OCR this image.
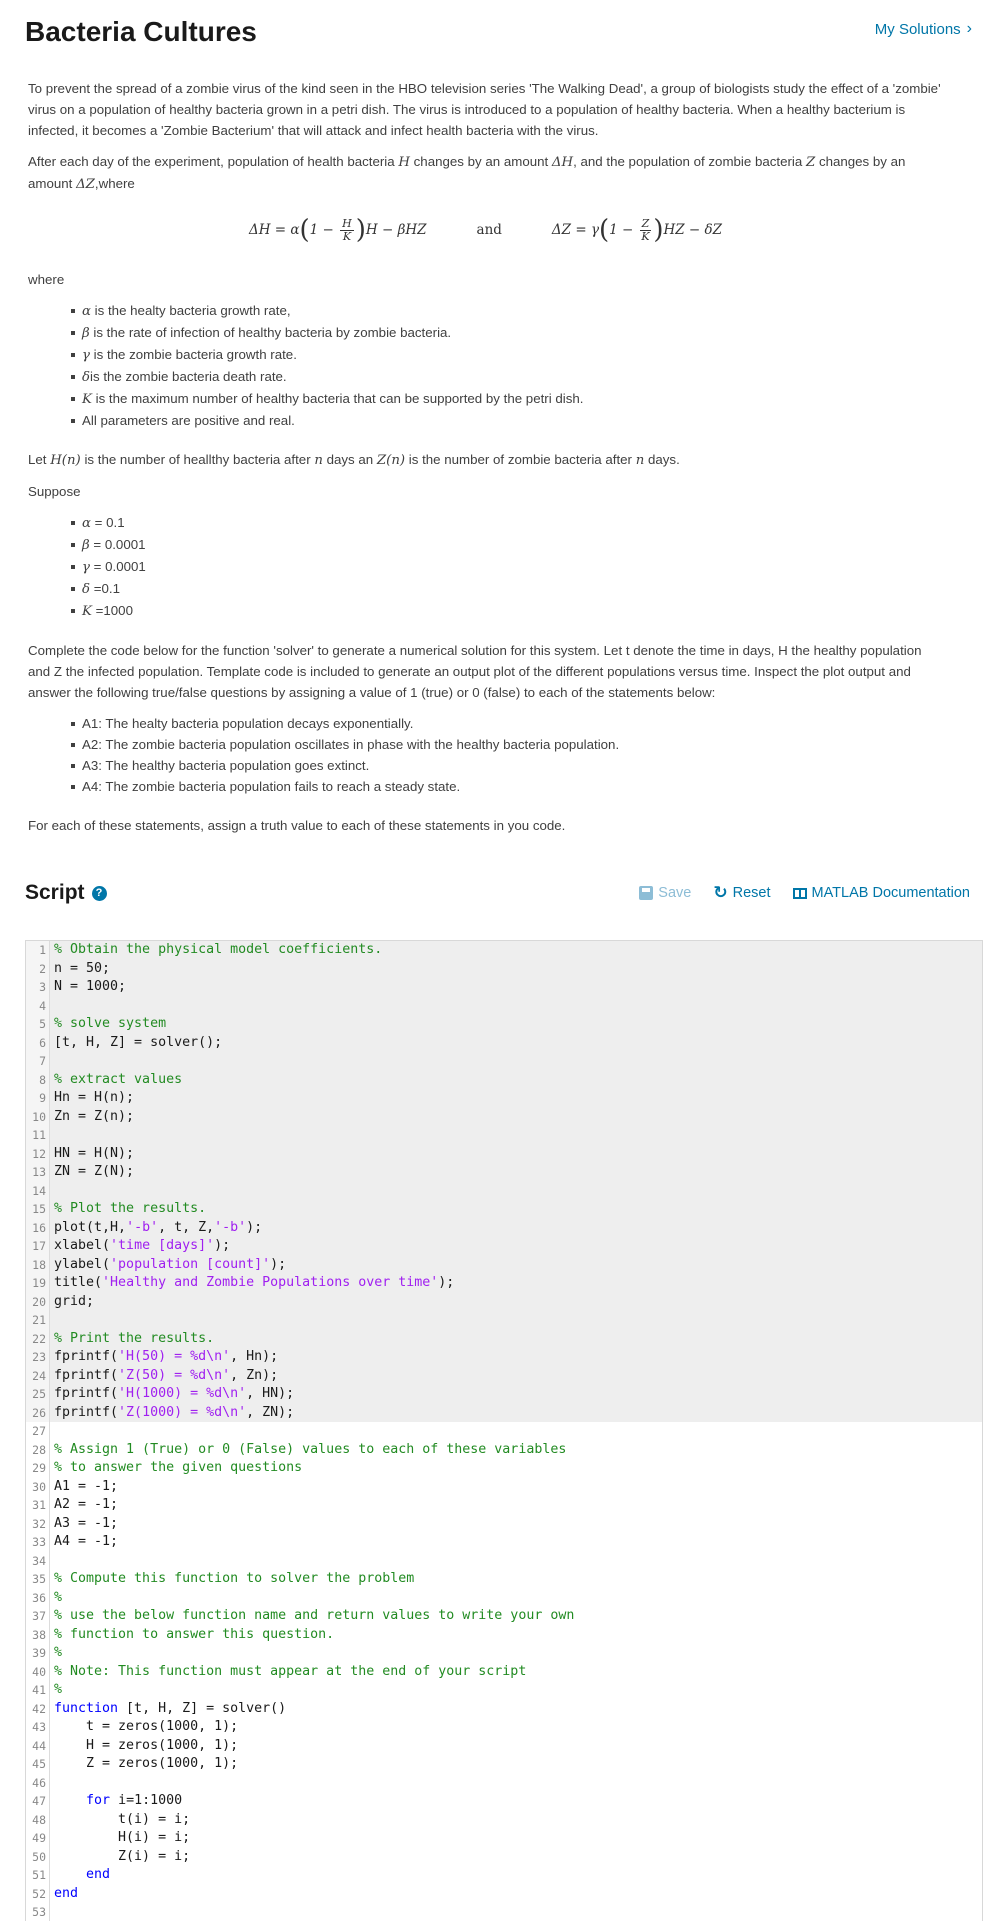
Bacteria Cultures	My Solutions ›

To prevent the spread of a zombie virus of the kind seen in the HBO television series 'The Walking Dead', a group of biologists study the effect of a 'zombie' virus on a population of healthy bacteria grown in a petri dish. The virus is introduced to a population of healthy bacteria. When a healthy bacterium is infected, it becomes a 'Zombie Bacterium' that will attack and infect health bacteria with the virus.

After each day of the experiment, population of health bacteria H changes by an amount ΔH, and the population of zombie bacteria Z changes by an amount ΔZ,where

$\Delta H = \alpha(1 - \frac{H}{K} )H - \beta HZ$	and	$\Delta Z = \gamma(1 - \frac{Z}{K} )HZ - \delta Z$

where

α is the healty bacteria growth rate,
β is the rate of infection of healthy bacteria by zombie bacteria.
γ is the zombie bacteria growth rate.
δis the zombie bacteria death rate.
K is the maximum number of healthy bacteria that can be supported by the petri dish.
All parameters are positive and real.

Let H(n) is the number of heallthy bacteria after n days an Z(n) is the number of zombie bacteria after n days.

Suppose

α = 0.1
β = 0.0001
γ = 0.0001
δ =0.1
K =1000

Complete the code below for the function 'solver' to generate a numerical solution for this system. Let t denote the time in days, H the healthy population and Z the infected population. Template code is included to generate an output plot of the different populations versus time. Inspect the plot output and answer the following true/false questions by assigning a value of 1 (true) or 0 (false) to each of the statements below:

A1: The healty bacteria population decays exponentially.
A2: The zombie bacteria population oscillates in phase with the healthy bacteria population.
A3: The healthy bacteria population goes extinct.
A4: The zombie bacteria population fails to reach a steady state.

For each of these statements, assign a truth value to each of these statements in you code.

Script	?	Save ↻ Reset	MATLAB Documentation
1 % Obtain the physical model coefficients.
2 n = 50;
3 N = 1000;
4
5 % solve system
6 [t, H, Z] = solver();
7
8 % extract values
9 Hn = H(n);
10 Zn = Z(n);
11
12 HN = H(N);
13 ZN = Z(N);
14
15 % Plot the results.
16 plot(t,H,'-b', t, Z,'-b');
17 xlabel('time [days]');
18 ylabel('population [count]');
19 title('Healthy and Zombie Populations over time');
20 grid;
21
22 % Print the results.
23 fprintf('H(50) = %d\n', Hn);
24 fprintf('Z(50) = %d\n', Zn);
25 fprintf('H(1000) = %d\n', HN);
26 fprintf('Z(1000) = %d\n', ZN);
27
28 % Assign 1 (True) or 0 (False) values to each of these variables
29 % to answer the given questions
30 A1 = -1;
31 A2 = -1;
32 A3 = -1;
33 A4 = -1;
34
35 % Compute this function to solver the problem
36 %
37 % use the below function name and return values to write your own
38 % function to answer this question.
39 %
40 % Note: This function must appear at the end of your script
41 %
42 function [t, H, Z] = solver()
43 t = zeros(1000, 1);
44 H = zeros(1000, 1);
45 Z = zeros(1000, 1);
46
47	for i=1:1000
48 t(i) = i;
49 H(i) = i;
50 Z(i) = i;
51	end
52 end
53
